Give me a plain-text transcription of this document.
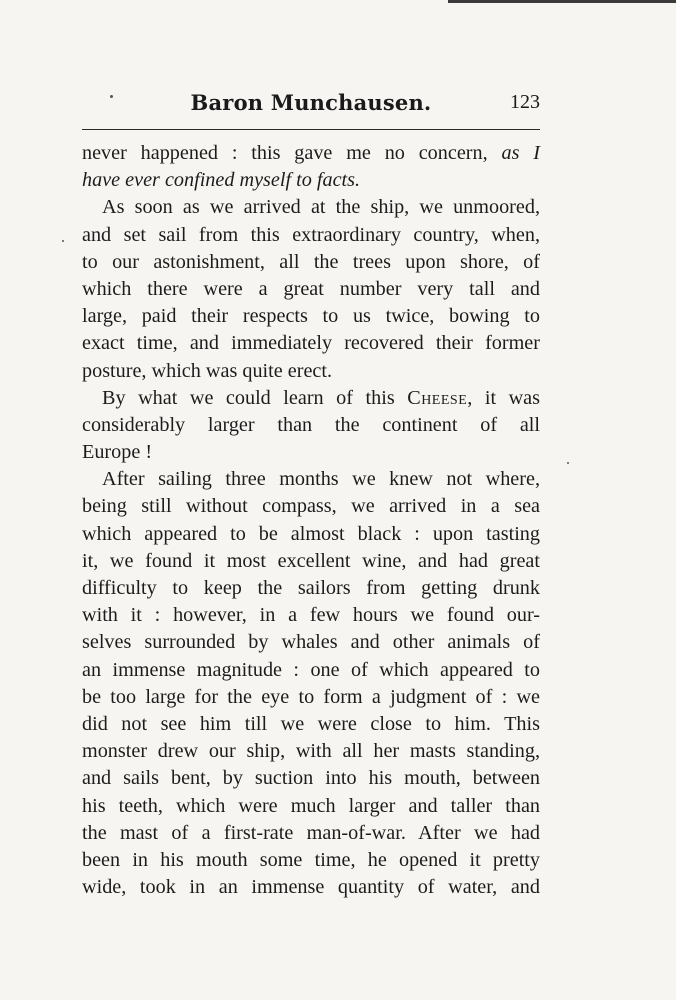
Baron Munchausen.	123
never happened : this gave me no concern, as I
have ever confined myself to facts.
As soon as we arrived at the ship, we unmoored,
and set sail from this extraordinary country, when,
to our astonishment, all the trees upon shore, of
which there were a great number very tall and
large, paid their respects to us twice, bowing to
exact time, and immediately recovered their former
posture, which was quite erect.
By what we could learn of this Cheese, it was
considerably larger than the continent of all
Europe !
After sailing three months we knew not where,
being still without compass, we arrived in a sea
which appeared to be almost black : upon tasting
it, we found it most excellent wine, and had great
difficulty to keep the sailors from getting drunk
with it : however, in a few hours we found our-
selves surrounded by whales and other animals of
an immense magnitude : one of which appeared to
be too large for the eye to form a judgment of : we
did not see him till we were close to him. This
monster drew our ship, with all her masts standing,
and sails bent, by suction into his mouth, between
his teeth, which were much larger and taller than
the mast of a first-rate man-of-war. After we had
been in his mouth some time, he opened it pretty
wide, took in an immense quantity of water, and
